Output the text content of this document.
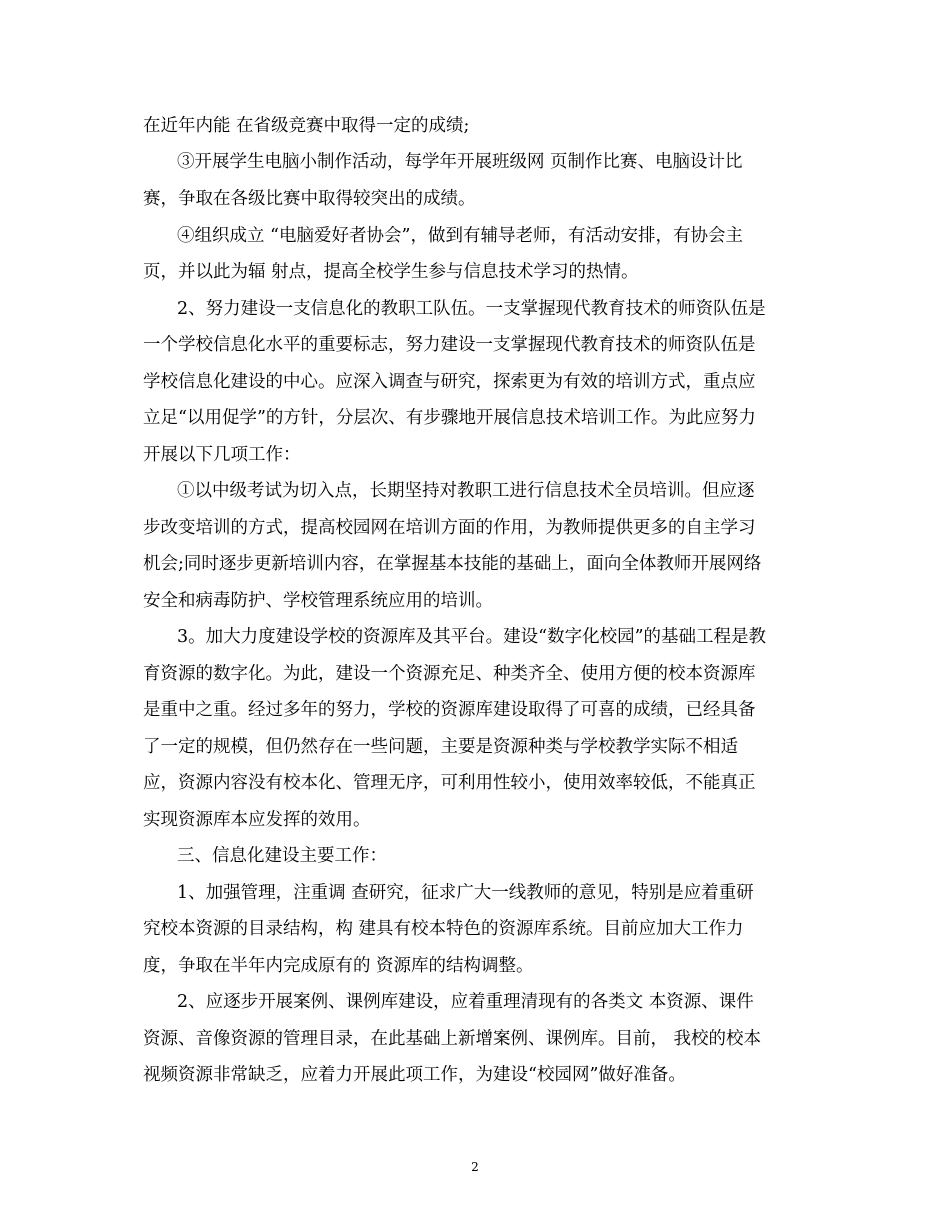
在近年内能 在省级竞赛中取得一定的成绩;
③开展学生电脑小制作活动，每学年开展班级网 页制作比赛、电脑设计比
赛，争取在各级比赛中取得较突出的成绩。
④组织成立 “电脑爱好者协会”，做到有辅导老师，有活动安排，有协会主
页，并以此为辐 射点，提高全校学生参与信息技术学习的热情。
2、努力建设一支信息化的教职工队伍。一支掌握现代教育技术的师资队伍是
一个学校信息化水平的重要标志，努力建设一支掌握现代教育技术的师资队伍是
学校信息化建设的中心。应深入调查与研究，探索更为有效的培训方式，重点应
立足“以用促学”的方针，分层次、有步骤地开展信息技术培训工作。为此应努力
开展以下几项工作：
①以中级考试为切入点，长期坚持对教职工进行信息技术全员培训。但应逐
步改变培训的方式，提高校园网在培训方面的作用，为教师提供更多的自主学习
机会;同时逐步更新培训内容，在掌握基本技能的基础上，面向全体教师开展网络
安全和病毒防护、学校管理系统应用的培训。
3。加大力度建设学校的资源库及其平台。建设“数字化校园”的基础工程是教
育资源的数字化。为此，建设一个资源充足、种类齐全、使用方便的校本资源库
是重中之重。经过多年的努力，学校的资源库建设取得了可喜的成绩，已经具备
了一定的规模，但仍然存在一些问题，主要是资源种类与学校教学实际不相适
应，资源内容没有校本化、管理无序，可利用性较小，使用效率较低，不能真正
实现资源库本应发挥的效用。
三、信息化建设主要工作：
1、加强管理，注重调 查研究，征求广大一线教师的意见，特别是应着重研
究校本资源的目录结构，构 建具有校本特色的资源库系统。目前应加大工作力
度，争取在半年内完成原有的 资源库的结构调整。
2、应逐步开展案例、课例库建设，应着重理清现有的各类文 本资源、课件
资源、音像资源的管理目录，在此基础上新增案例、课例库。目前， 我校的校本
视频资源非常缺乏，应着力开展此项工作，为建设“校园网”做好准备。
2
